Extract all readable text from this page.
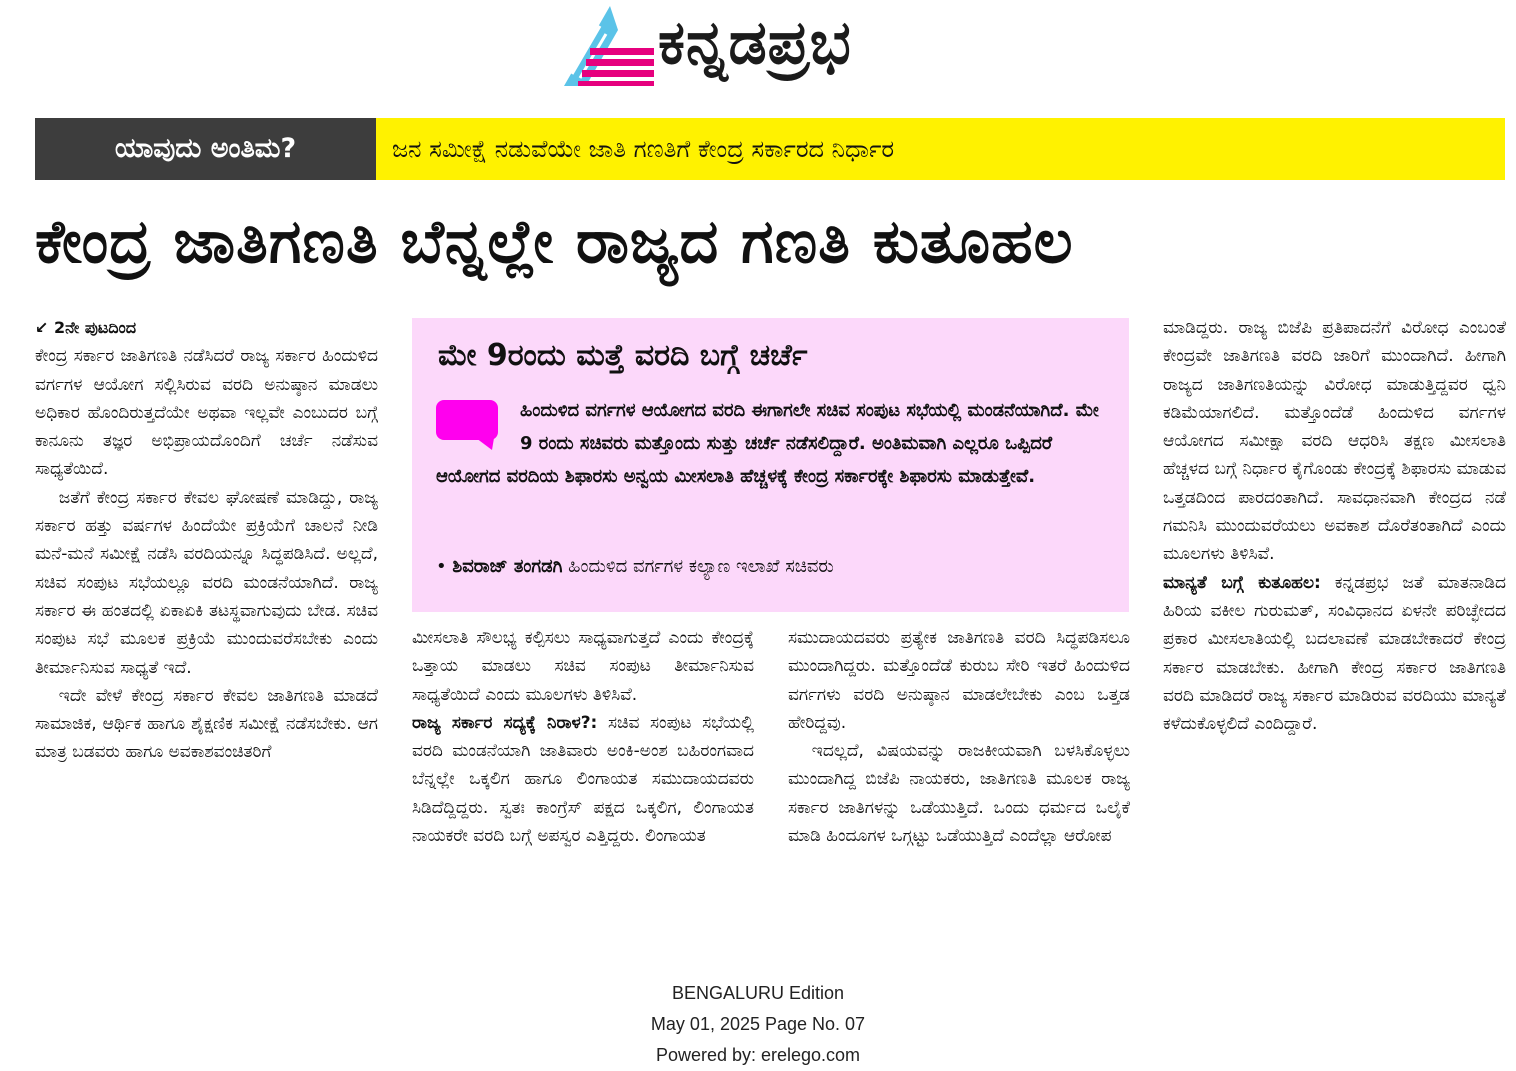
ಕನ್ನಡಪ್ರಭ
ಯಾವುದು ಅಂತಿಮ?	ಜನ ಸಮೀಕ್ಷೆ ನಡುವೆಯೇ ಜಾತಿ ಗಣತಿಗೆ ಕೇಂದ್ರ ಸರ್ಕಾರದ ನಿರ್ಧಾರ
ಕೇಂದ್ರ ಜಾತಿಗಣತಿ ಬೆನ್ನಲ್ಲೇ ರಾಜ್ಯದ ಗಣತಿ ಕುತೂಹಲ
↙ 2ನೇ ಪುಟದಿಂದ

ಕೇಂದ್ರ ಸರ್ಕಾರ ಜಾತಿಗಣತಿ ನಡೆಸಿದರೆ ರಾಜ್ಯ ಸರ್ಕಾರ ಹಿಂದುಳಿದ ವರ್ಗಗಳ ಆಯೋಗ ಸಲ್ಲಿಸಿರುವ ವರದಿ ಅನುಷ್ಠಾನ ಮಾಡಲು ಅಧಿಕಾರ ಹೊಂದಿರುತ್ತದೆಯೇ ಅಥವಾ ಇಲ್ಲವೇ ಎಂಬುದರ ಬಗ್ಗೆ ಕಾನೂನು ತಜ್ಞರ ಅಭಿಪ್ರಾಯದೊಂದಿಗೆ ಚರ್ಚೆ ನಡೆಸುವ ಸಾಧ್ಯತೆಯಿದೆ.

ಜತೆಗೆ ಕೇಂದ್ರ ಸರ್ಕಾರ ಕೇವಲ ಘೋಷಣೆ ಮಾಡಿದ್ದು, ರಾಜ್ಯ ಸರ್ಕಾರ ಹತ್ತು ವರ್ಷಗಳ ಹಿಂದೆಯೇ ಪ್ರಕ್ರಿಯೆಗೆ ಚಾಲನೆ ನೀಡಿ ಮನೆ-ಮನೆ ಸಮೀಕ್ಷೆ ನಡೆಸಿ ವರದಿಯನ್ನೂ ಸಿದ್ಧಪಡಿಸಿದೆ. ಅಲ್ಲದೆ, ಸಚಿವ ಸಂಪುಟ ಸಭೆಯಲ್ಲೂ ವರದಿ ಮಂಡನೆಯಾಗಿದೆ. ರಾಜ್ಯ ಸರ್ಕಾರ ಈ ಹಂತದಲ್ಲಿ ಏಕಾಏಕಿ ತಟಸ್ಥವಾಗುವುದು ಬೇಡ. ಸಚಿವ ಸಂಪುಟ ಸಭೆ ಮೂಲಕ ಪ್ರಕ್ರಿಯೆ ಮುಂದುವರೆಸಬೇಕು ಎಂದು ತೀರ್ಮಾನಿಸುವ ಸಾಧ್ಯತೆ ಇದೆ.

ಇದೇ ವೇಳೆ ಕೇಂದ್ರ ಸರ್ಕಾರ ಕೇವಲ ಜಾತಿಗಣತಿ ಮಾಡದೆ ಸಾಮಾಜಿಕ, ಆರ್ಥಿಕ ಹಾಗೂ ಶೈಕ್ಷಣಿಕ ಸಮೀಕ್ಷೆ ನಡೆಸಬೇಕು. ಆಗ ಮಾತ್ರ ಬಡವರು ಹಾಗೂ ಅವಕಾಶವಂಚಿತರಿಗೆ

ಮೇ 9ರಂದು ಮತ್ತೆ ವರದಿ ಬಗ್ಗೆ ಚರ್ಚೆ
ಹಿಂದುಳಿದ ವರ್ಗಗಳ ಆಯೋಗದ ವರದಿ ಈಗಾಗಲೇ ಸಚಿವ ಸಂಪುಟ ಸಭೆಯಲ್ಲಿ ಮಂಡನೆಯಾಗಿದೆ. ಮೇ 9 ರಂದು ಸಚಿವರು ಮತ್ತೊಂದು ಸುತ್ತು ಚರ್ಚೆ ನಡೆಸಲಿದ್ದಾರೆ. ಅಂತಿಮವಾಗಿ ಎಲ್ಲರೂ ಒಪ್ಪಿದರೆ ಆಯೋಗದ ವರದಿಯ ಶಿಫಾರಸು ಅನ್ವಯ ಮೀಸಲಾತಿ ಹೆಚ್ಚಳಕ್ಕೆ ಕೇಂದ್ರ ಸರ್ಕಾರಕ್ಕೇ ಶಿಫಾರಸು ಮಾಡುತ್ತೇವೆ.
• ಶಿವರಾಜ್ ತಂಗಡಗಿ ಹಿಂದುಳಿದ ವರ್ಗಗಳ ಕಲ್ಯಾಣ ಇಲಾಖೆ ಸಚಿವರು

ಮೀಸಲಾತಿ ಸೌಲಭ್ಯ ಕಲ್ಪಿಸಲು ಸಾಧ್ಯವಾಗುತ್ತದೆ ಎಂದು ಕೇಂದ್ರಕ್ಕೆ ಒತ್ತಾಯ ಮಾಡಲು ಸಚಿವ ಸಂಪುಟ ತೀರ್ಮಾನಿಸುವ ಸಾಧ್ಯತೆಯಿದೆ ಎಂದು ಮೂಲಗಳು ತಿಳಿಸಿವೆ.

ರಾಜ್ಯ ಸರ್ಕಾರ ಸದ್ಯಕ್ಕೆ ನಿರಾಳ?: ಸಚಿವ ಸಂಪುಟ ಸಭೆಯಲ್ಲಿ ವರದಿ ಮಂಡನೆಯಾಗಿ ಜಾತಿವಾರು ಅಂಕಿ-ಅಂಶ ಬಹಿರಂಗವಾದ ಬೆನ್ನಲ್ಲೇ ಒಕ್ಕಲಿಗ ಹಾಗೂ ಲಿಂಗಾಯತ ಸಮುದಾಯದವರು ಸಿಡಿದೆದ್ದಿದ್ದರು. ಸ್ವತಃ ಕಾಂಗ್ರೆಸ್ ಪಕ್ಷದ ಒಕ್ಕಲಿಗ, ಲಿಂಗಾಯತ ನಾಯಕರೇ ವರದಿ ಬಗ್ಗೆ ಅಪಸ್ವರ ಎತ್ತಿದ್ದರು. ಲಿಂಗಾಯತ

ಸಮುದಾಯದವರು ಪ್ರತ್ಯೇಕ ಜಾತಿಗಣತಿ ವರದಿ ಸಿದ್ಧಪಡಿಸಲೂ ಮುಂದಾಗಿದ್ದರು. ಮತ್ತೊಂದೆಡೆ ಕುರುಬ ಸೇರಿ ಇತರೆ ಹಿಂದುಳಿದ ವರ್ಗಗಳು ವರದಿ ಅನುಷ್ಠಾನ ಮಾಡಲೇಬೇಕು ಎಂಬ ಒತ್ತಡ ಹೇರಿದ್ದವು.

ಇದಲ್ಲದೆ, ವಿಷಯವನ್ನು ರಾಜಕೀಯವಾಗಿ ಬಳಸಿಕೊಳ್ಳಲು ಮುಂದಾಗಿದ್ದ ಬಿಜೆಪಿ ನಾಯಕರು, ಜಾತಿಗಣತಿ ಮೂಲಕ ರಾಜ್ಯ ಸರ್ಕಾರ ಜಾತಿಗಳನ್ನು ಒಡೆಯುತ್ತಿದೆ. ಒಂದು ಧರ್ಮದ ಒಲೈಕೆ ಮಾಡಿ ಹಿಂದೂಗಳ ಒಗ್ಗಟ್ಟು ಒಡೆಯುತ್ತಿದೆ ಎಂದೆಲ್ಲಾ ಆರೋಪ

ಮಾಡಿದ್ದರು. ರಾಜ್ಯ ಬಿಜೆಪಿ ಪ್ರತಿಪಾದನೆಗೆ ವಿರೋಧ ಎಂಬಂತೆ ಕೇಂದ್ರವೇ ಜಾತಿಗಣತಿ ವರದಿ ಜಾರಿಗೆ ಮುಂದಾಗಿದೆ. ಹೀಗಾಗಿ ರಾಜ್ಯದ ಜಾತಿಗಣತಿಯನ್ನು ವಿರೋಧ ಮಾಡುತ್ತಿದ್ದವರ ಧ್ವನಿ ಕಡಿಮೆಯಾಗಲಿದೆ. ಮತ್ತೊಂದೆಡೆ ಹಿಂದುಳಿದ ವರ್ಗಗಳ ಆಯೋಗದ ಸಮೀಕ್ಷಾ ವರದಿ ಆಧರಿಸಿ ತಕ್ಷಣ ಮೀಸಲಾತಿ ಹೆಚ್ಚಳದ ಬಗ್ಗೆ ನಿರ್ಧಾರ ಕೈಗೊಂಡು ಕೇಂದ್ರಕ್ಕೆ ಶಿಫಾರಸು ಮಾಡುವ ಒತ್ತಡದಿಂದ ಪಾರದಂತಾಗಿದೆ. ಸಾವಧಾನವಾಗಿ ಕೇಂದ್ರದ ನಡೆ ಗಮನಿಸಿ ಮುಂದುವರೆಯಲು ಅವಕಾಶ ದೊರೆತಂತಾಗಿದೆ ಎಂದು ಮೂಲಗಳು ತಿಳಿಸಿವೆ.

ಮಾನ್ಯತೆ ಬಗ್ಗೆ ಕುತೂಹಲ: ಕನ್ನಡಪ್ರಭ ಜತೆ ಮಾತನಾಡಿದ ಹಿರಿಯ ವಕೀಲ ಗುರುಮತ್, ಸಂವಿಧಾನದ ಏಳನೇ ಪರಿಚ್ಛೇದದ ಪ್ರಕಾರ ಮೀಸಲಾತಿಯಲ್ಲಿ ಬದಲಾವಣೆ ಮಾಡಬೇಕಾದರೆ ಕೇಂದ್ರ ಸರ್ಕಾರ ಮಾಡಬೇಕು. ಹೀಗಾಗಿ ಕೇಂದ್ರ ಸರ್ಕಾರ ಜಾತಿಗಣತಿ ವರದಿ ಮಾಡಿದರೆ ರಾಜ್ಯ ಸರ್ಕಾರ ಮಾಡಿರುವ ವರದಿಯು ಮಾನ್ಯತೆ ಕಳೆದುಕೊಳ್ಳಲಿದೆ ಎಂದಿದ್ದಾರೆ.

BENGALURU Edition
May 01, 2025 Page No. 07
Powered by: erelego.com
